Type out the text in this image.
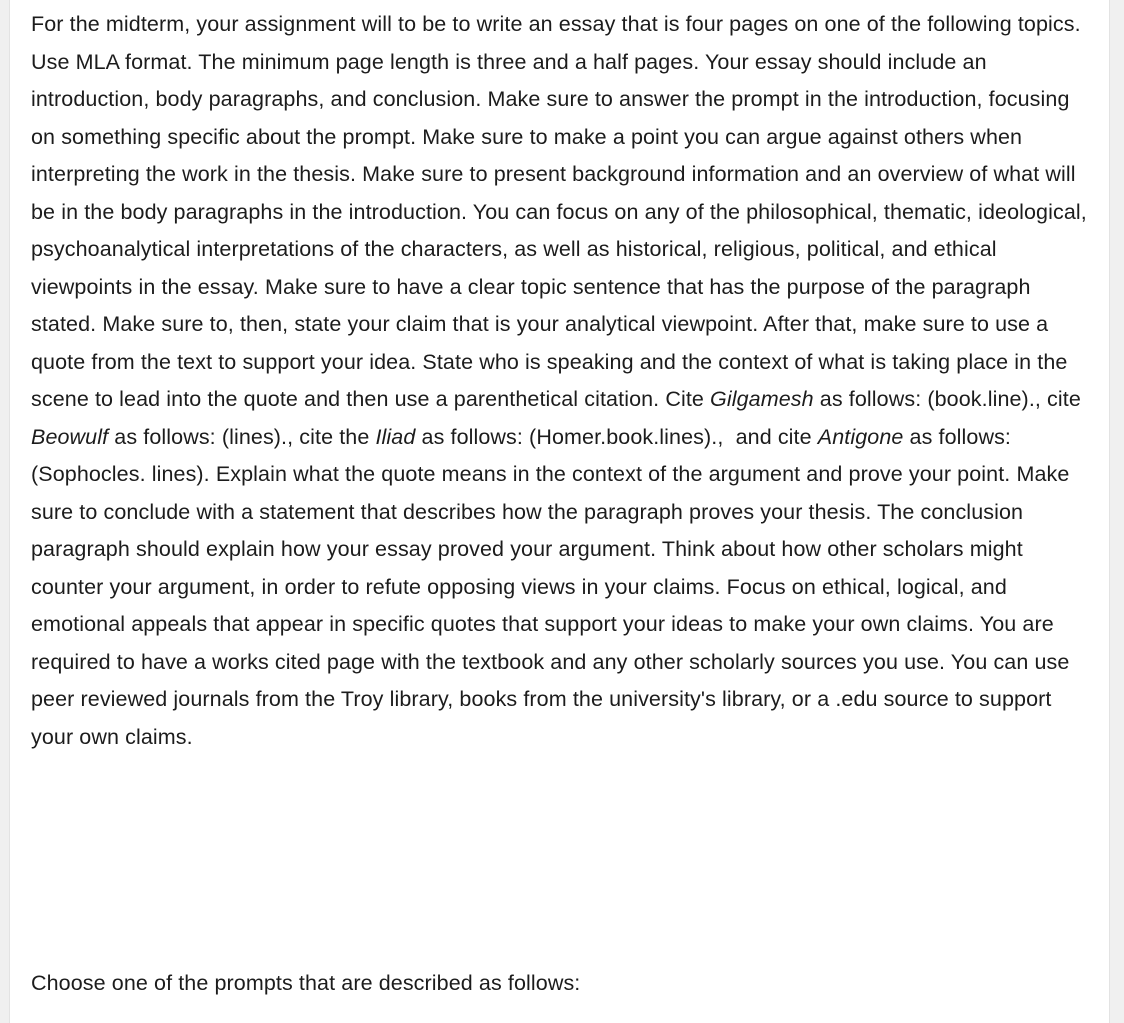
For the midterm, your assignment will to be to write an essay that is four pages on one of the following topics. Use MLA format. The minimum page length is three and a half pages. Your essay should include an introduction, body paragraphs, and conclusion. Make sure to answer the prompt in the introduction, focusing on something specific about the prompt. Make sure to make a point you can argue against others when interpreting the work in the thesis. Make sure to present background information and an overview of what will be in the body paragraphs in the introduction. You can focus on any of the philosophical, thematic, ideological, psychoanalytical interpretations of the characters, as well as historical, religious, political, and ethical viewpoints in the essay. Make sure to have a clear topic sentence that has the purpose of the paragraph stated. Make sure to, then, state your claim that is your analytical viewpoint. After that, make sure to use a quote from the text to support your idea. State who is speaking and the context of what is taking place in the scene to lead into the quote and then use a parenthetical citation. Cite Gilgamesh as follows: (book.line)., cite Beowulf as follows: (lines)., cite the Iliad as follows: (Homer.book.lines).,  and cite Antigone as follows: (Sophocles. lines). Explain what the quote means in the context of the argument and prove your point. Make sure to conclude with a statement that describes how the paragraph proves your thesis. The conclusion paragraph should explain how your essay proved your argument. Think about how other scholars might counter your argument, in order to refute opposing views in your claims. Focus on ethical, logical, and emotional appeals that appear in specific quotes that support your ideas to make your own claims. You are required to have a works cited page with the textbook and any other scholarly sources you use. You can use peer reviewed journals from the Troy library, books from the university's library, or a .edu source to support your own claims.

Choose one of the prompts that are described as follows:
